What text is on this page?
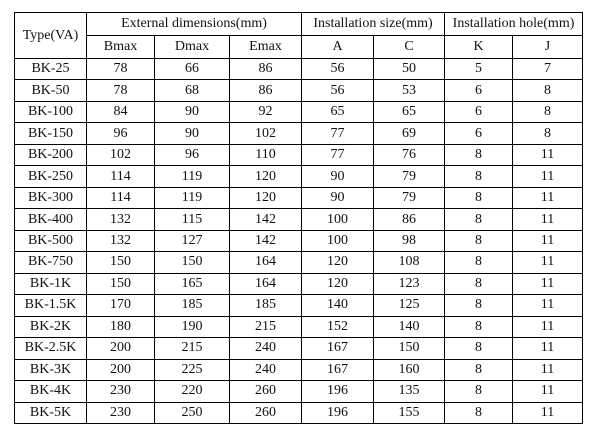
Type(VA)	External dimensions(mm)			Installation size(mm)		Installation hole(mm)	
	Bmax	Dmax	Emax	A	C	K	J
BK-25	78	66	86	56	50	5	7
BK-50	78	68	86	56	53	6	8
BK-100	84	90	92	65	65	6	8
BK-150	96	90	102	77	69	6	8
BK-200	102	96	110	77	76	8	11
BK-250	114	119	120	90	79	8	11
BK-300	114	119	120	90	79	8	11
BK-400	132	115	142	100	86	8	11
BK-500	132	127	142	100	98	8	11
BK-750	150	150	164	120	108	8	11
BK-1K	150	165	164	120	123	8	11
BK-1.5K	170	185	185	140	125	8	11
BK-2K	180	190	215	152	140	8	11
BK-2.5K	200	215	240	167	150	8	11
BK-3K	200	225	240	167	160	8	11
BK-4K	230	220	260	196	135	8	11
BK-5K	230	250	260	196	155	8	11
